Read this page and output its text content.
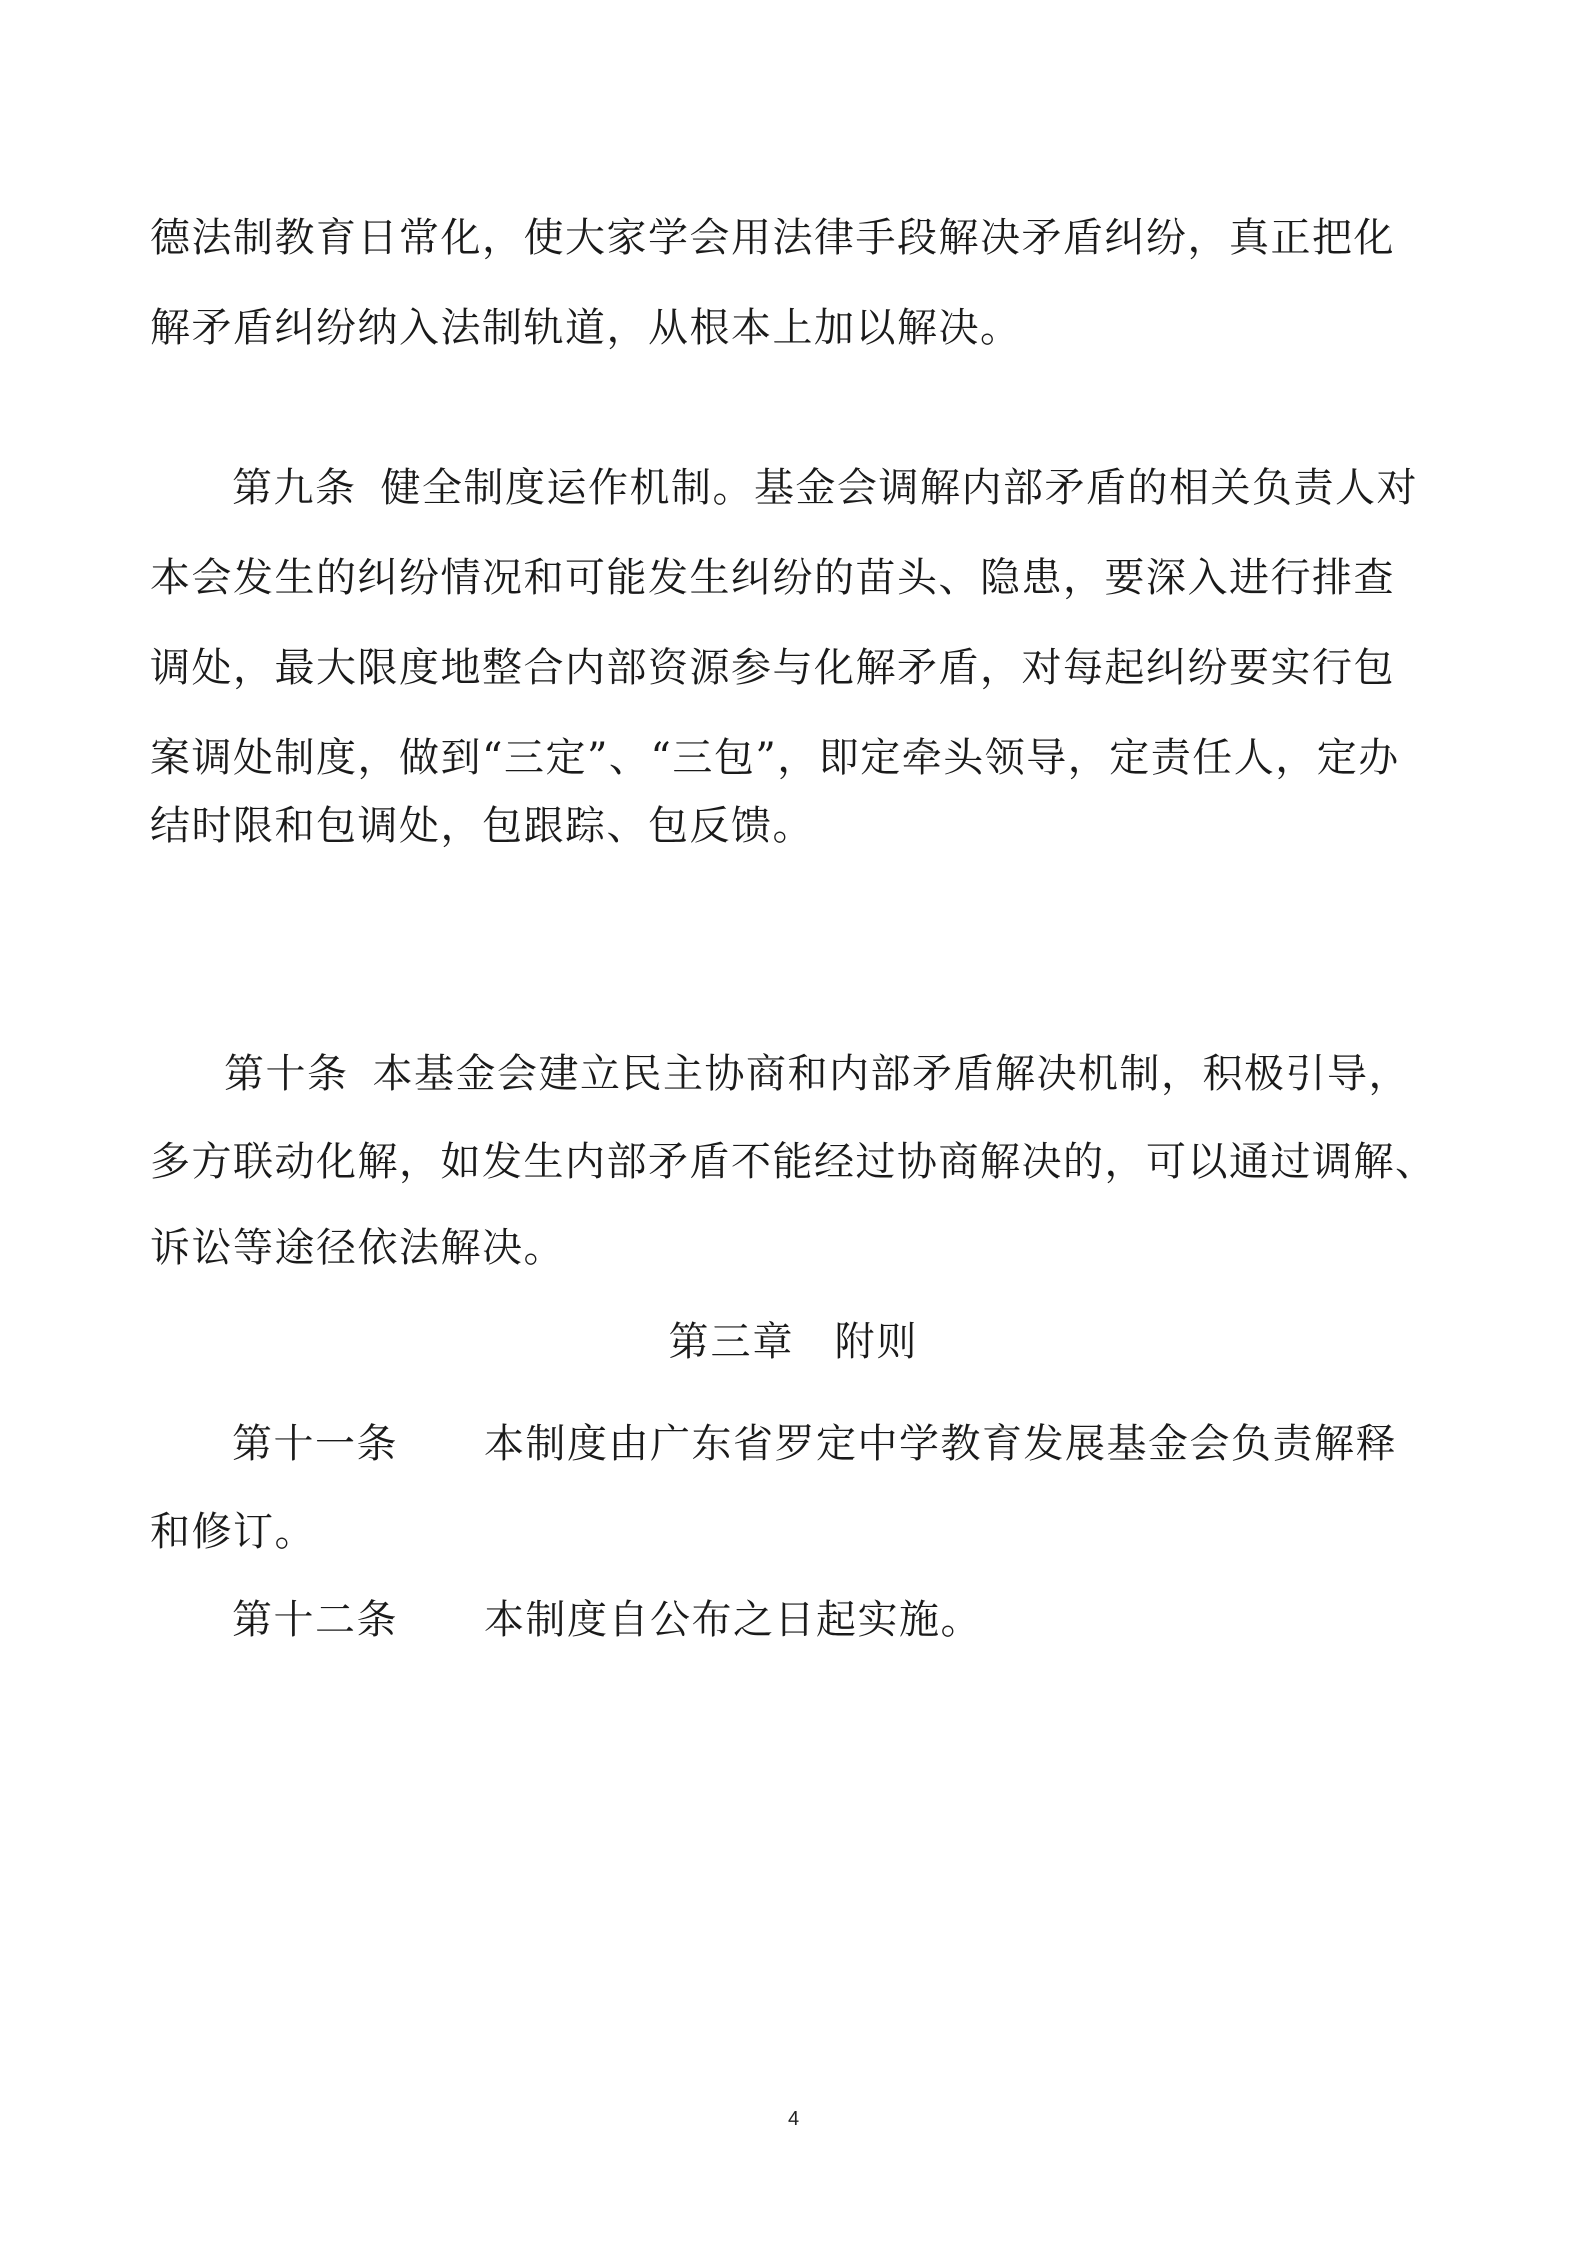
德法制教育日常化，使大家学会用法律手段解决矛盾纠纷，真正把化
解矛盾纠纷纳入法制轨道，从根本上加以解决。
第九条 健全制度运作机制。基金会调解内部矛盾的相关负责人对
本会发生的纠纷情况和可能发生纠纷的苗头、隐患，要深入进行排查
调处，最大限度地整合内部资源参与化解矛盾，对每起纠纷要实行包
案调处制度，做到“三定”、“三包”，即定牵头领导，定责任人，定办
结时限和包调处，包跟踪、包反馈。
第十条 本基金会建立民主协商和内部矛盾解决机制，积极引导，
多方联动化解，如发生内部矛盾不能经过协商解决的，可以通过调解、
诉讼等途径依法解决。
第三章 附则
第十一条 本制度由广东省罗定中学教育发展基金会负责解释
和修订。
第十二条 本制度自公布之日起实施。
4
